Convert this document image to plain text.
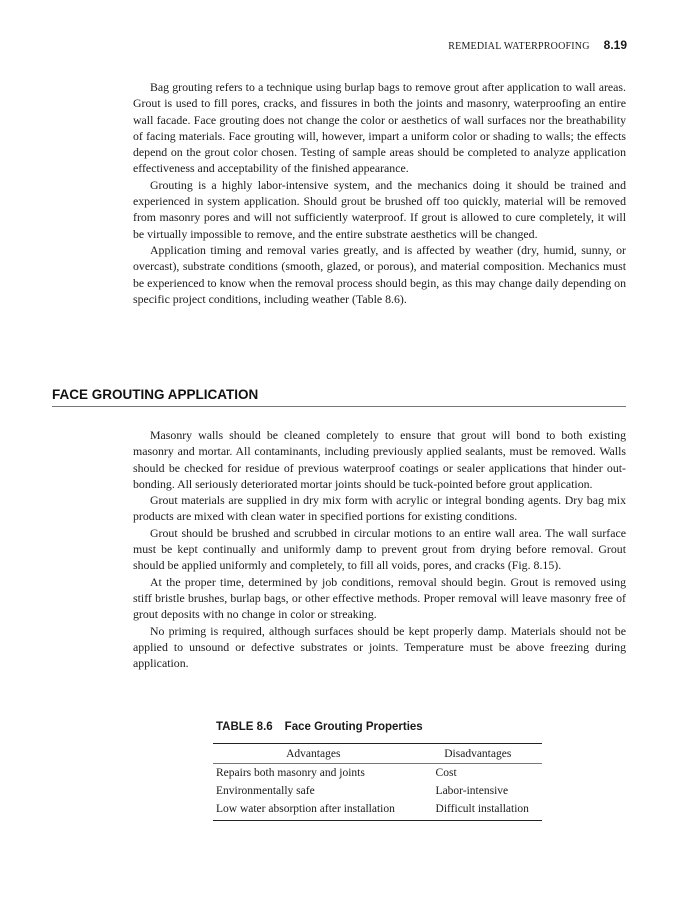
REMEDIAL WATERPROOFING 8.19

Bag grouting refers to a technique using burlap bags to remove grout after application to wall areas. Grout is used to fill pores, cracks, and fissures in both the joints and masonry, waterproofing an entire wall facade. Face grouting does not change the color or aesthetics of wall surfaces nor the breathability of facing materials. Face grouting will, however, impart a uniform color or shading to walls; the effects depend on the grout color chosen. Testing of sample areas should be completed to analyze application effectiveness and acceptability of the finished appearance.

Grouting is a highly labor-intensive system, and the mechanics doing it should be trained and experienced in system application. Should grout be brushed off too quickly, material will be removed from masonry pores and will not sufficiently waterproof. If grout is allowed to cure completely, it will be virtually impossible to remove, and the entire substrate aesthetics will be changed.

Application timing and removal varies greatly, and is affected by weather (dry, humid, sunny, or overcast), substrate conditions (smooth, glazed, or porous), and material composition. Mechanics must be experienced to know when the removal process should begin, as this may change daily depending on specific project conditions, including weather (Table 8.6).

FACE GROUTING APPLICATION

Masonry walls should be cleaned completely to ensure that grout will bond to both existing masonry and mortar. All contaminants, including previously applied sealants, must be removed. Walls should be checked for residue of previous waterproof coatings or sealer applications that hinder out-bonding. All seriously deteriorated mortar joints should be tuck-pointed before grout application.

Grout materials are supplied in dry mix form with acrylic or integral bonding agents. Dry bag mix products are mixed with clean water in specified portions for existing conditions.

Grout should be brushed and scrubbed in circular motions to an entire wall area. The wall surface must be kept continually and uniformly damp to prevent grout from drying before removal. Grout should be applied uniformly and completely, to fill all voids, pores, and cracks (Fig. 8.15).

At the proper time, determined by job conditions, removal should begin. Grout is removed using stiff bristle brushes, burlap bags, or other effective methods. Proper removal will leave masonry free of grout deposits with no change in color or streaking.

No priming is required, although surfaces should be kept properly damp. Materials should not be applied to unsound or defective substrates or joints. Temperature must be above freezing during application.

TABLE 8.6 Face Grouting Properties
Advantages	Disadvantages
Repairs both masonry and joints	Cost
Environmentally safe	Labor-intensive
Low water absorption after installation	Difficult installation
